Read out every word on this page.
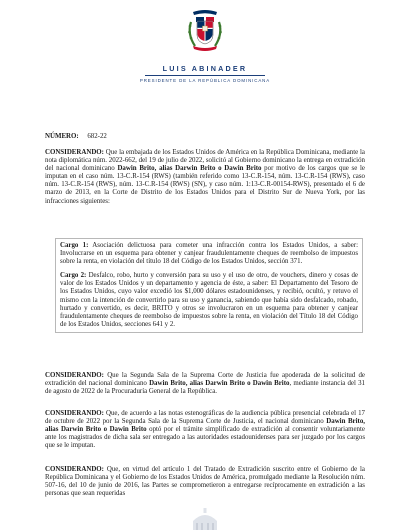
LUIS ABINADER
PRESIDENTE DE LA REPÚBLICA DOMINICANA
NÚMERO: 682-22
CONSIDERANDO: Que la embajada de los Estados Unidos de América en la República Dominicana, mediante la nota diplomática núm. 2022-662, del 19 de julio de 2022, solicitó al Gobierno dominicano la entrega en extradición del nacional dominicano Dawin Brito, alias Darwin Brito o Dawin Brito por motivo de los cargos que se le imputan en el caso núm. 13-C.R-154 (RWS) (también referido como 13-C.R-154, núm. 13-C.R-154 (RWS), caso núm. 13-C.R-154 (RWS), núm. 13-C.R-154 (RWS) (SN), y caso núm. 1:13-C.R-00154-RWS), presentado el 6 de marzo de 2013, en la Corte de Distrito de los Estados Unidos para el Distrito Sur de Nueva York, por las infracciones siguientes:

Cargo 1: Asociación delictuosa para cometer una infracción contra los Estados Unidos, a saber: Involucrarse en un esquema para obtener y canjear fraudulentamente cheques de reembolso de impuestos sobre la renta, en violación del título 18 del Código de los Estados Unidos, sección 371.

Cargo 2: Desfalco, robo, hurto y conversión para su uso y el uso de otro, de vouchers, dinero y cosas de valor de los Estados Unidos y un departamento y agencia de éste, a saber: El Departamento del Tesoro de los Estados Unidos, cuyo valor excedió los $1,000 dólares estadounidenses, y recibió, ocultó, y retuvo el mismo con la intención de convertirlo para su uso y ganancia, sabiendo que había sido desfalcado, robado, hurtado y convertido, es decir, BRITO y otros se involucraron en un esquema para obtener y canjear fraudulentamente cheques de reembolso de impuestos sobre la renta, en violación del Título 18 del Código de los Estados Unidos, secciones 641 y 2.

CONSIDERANDO: Que la Segunda Sala de la Suprema Corte de Justicia fue apoderada de la solicitud de extradición del nacional dominicano Dawin Brito, alias Darwin Brito o Dawin Brito, mediante instancia del 31 de agosto de 2022 de la Procuraduría General de la República.
CONSIDERANDO: Que, de acuerdo a las notas estenográficas de la audiencia pública presencial celebrada el 17 de octubre de 2022 por la Segunda Sala de la Suprema Corte de Justicia, el nacional dominicano Dawin Brito, alias Darwin Brito o Dawin Brito optó por el trámite simplificado de extradición al consentir voluntariamente ante los magistrados de dicha sala ser entregado a las autoridades estadounidenses para ser juzgado por los cargos que se le imputan.
CONSIDERANDO: Que, en virtud del artículo 1 del Tratado de Extradición suscrito entre el Gobierno de la República Dominicana y el Gobierno de los Estados Unidos de América, promulgado mediante la Resolución núm. 507-16, del 10 de junio de 2016, las Partes se comprometieron a entregarse recíprocamente en extradición a las personas que sean requeridas
